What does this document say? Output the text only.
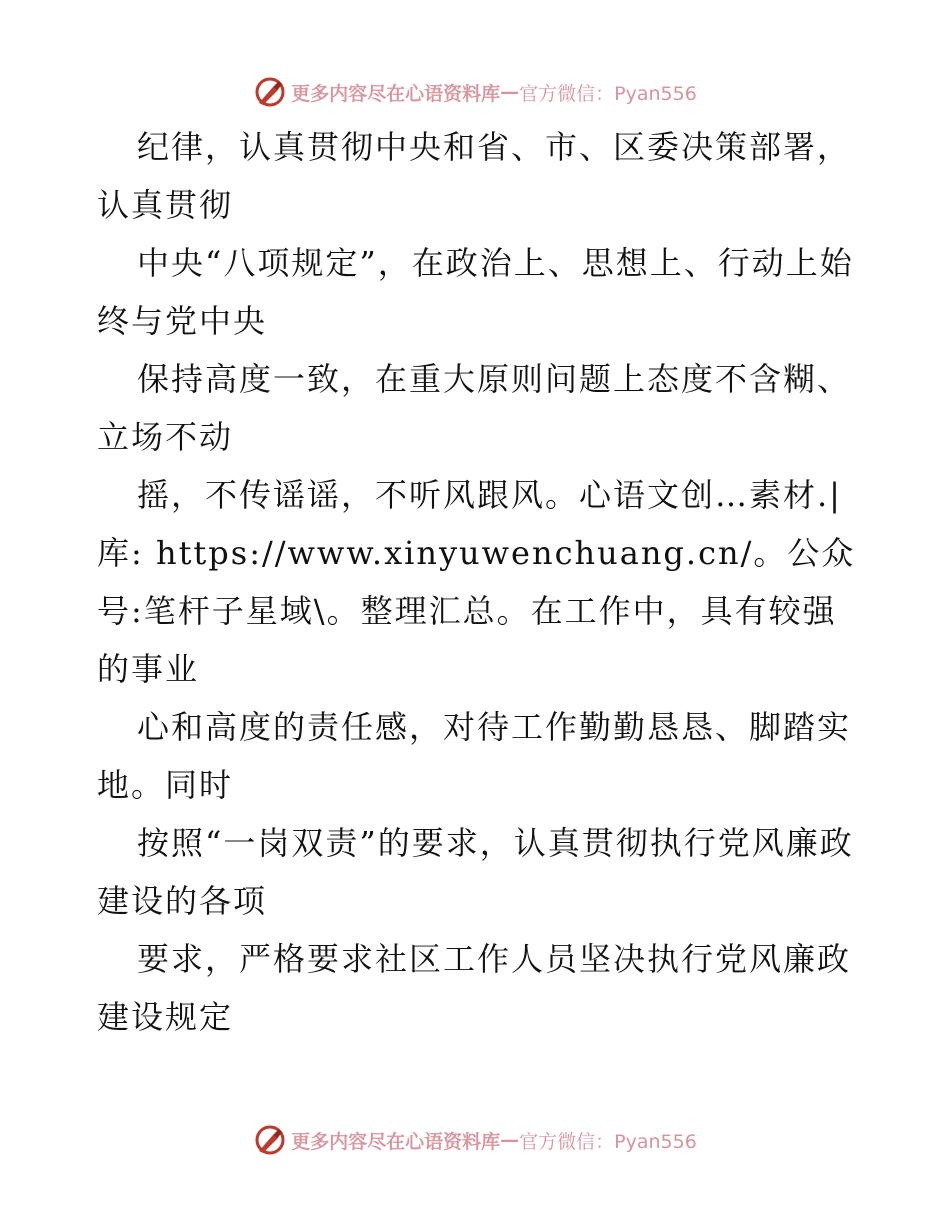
更多内容尽在心语资料库 — 官方微信：Pyan556

纪律，认真贯彻中央和省、市、区委决策部署，认真贯彻

中央“八项规定”，在政治上、思想上、行动上始终与党中央

保持高度一致，在重大原则问题上态度不含糊、立场不动

摇，不传谣谣，不听风跟风。心语文创…素材.|库: https://www.xinyuwenchuang.cn/。公众号:笔杆子星域\。整理汇总。在工作中，具有较强的事业

心和高度的责任感，对待工作勤勤恳恳、脚踏实地。同时

按照“一岗双责”的要求，认真贯彻执行党风廉政建设的各项

要求，严格要求社区工作人员坚决执行党风廉政建设规定

更多内容尽在心语资料库 — 官方微信：Pyan556
